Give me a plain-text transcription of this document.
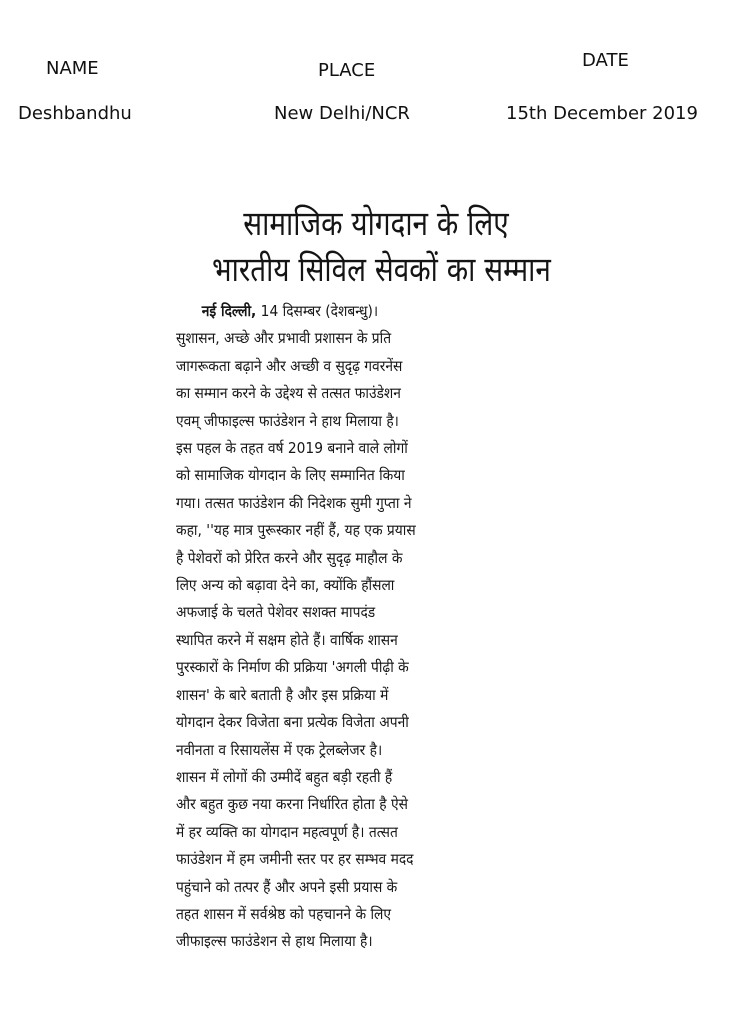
NAME	PLACE	DATE
Deshbandhu	New Delhi/NCR	15th December 2019
सामाजिक योगदान के लिए
भारतीय सिविल सेवकों का सम्मान
नई दिल्ली, 14 दिसम्बर (देशबन्धु)।
सुशासन, अच्छे और प्रभावी प्रशासन के प्रति
जागरूकता बढ़ाने और अच्छी व सुदृढ़ गवरनेंस
का सम्मान करने के उद्देश्य से तत्सत फाउंडेशन
एवम् जीफाइल्स फाउंडेशन ने हाथ मिलाया है।
इस पहल के तहत वर्ष 2019 बनाने वाले लोगों
को सामाजिक योगदान के लिए सम्मानित किया
गया। तत्सत फाउंडेशन की निदेशक सुमी गुप्ता ने
कहा, ''यह मात्र पुरूस्कार नहीं हैं, यह एक प्रयास
है पेशेवरों को प्रेरित करने और सुदृढ़ माहौल के
लिए अन्य को बढ़ावा देने का, क्योंकि हौंसला
अफजाई के चलते पेशेवर सशक्त मापदंड
स्थापित करने में सक्षम होते हैं। वार्षिक शासन
पुरस्कारों के निर्माण की प्रक्रिया 'अगली पीढ़ी के
शासन' के बारे बताती है और इस प्रक्रिया में
योगदान देकर विजेता बना प्रत्येक विजेता अपनी
नवीनता व रिसायलेंस में एक ट्रेलब्लेजर है।
शासन में लोगों की उम्मीदें बहुत बड़ी रहती हैं
और बहुत कुछ नया करना निर्धारित होता है ऐसे
में हर व्यक्ति का योगदान महत्वपूर्ण है। तत्सत
फाउंडेशन में हम जमीनी स्तर पर हर सम्भव मदद
पहुंचाने को तत्पर हैं और अपने इसी प्रयास के
तहत शासन में सर्वश्रेष्ठ को पहचानने के लिए
जीफाइल्स फाउंडेशन से हाथ मिलाया है।
